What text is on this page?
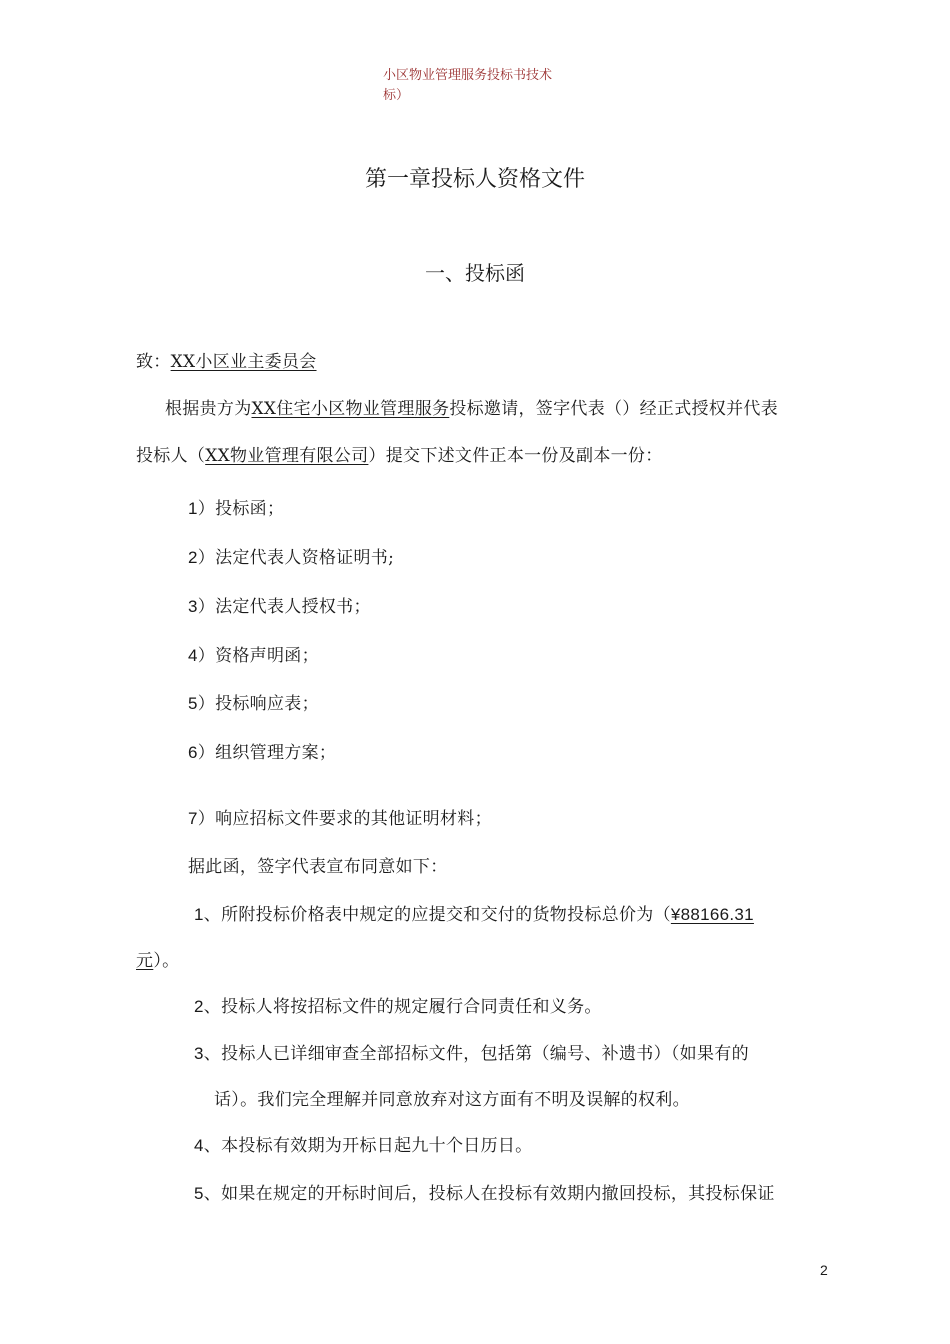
小区物业管理服务投标书技术
标）
第一章投标人资格文件
一、投标函
致：XX小区业主委员会
根据贵方为XX住宅小区物业管理服务投标邀请，签字代表（）经正式授权并代表
投标人（XX物业管理有限公司）提交下述文件正本一份及副本一份：
1）投标函；
2）法定代表人资格证明书;
3）法定代表人授权书；
4）资格声明函；
5）投标响应表；
6）组织管理方案；
7）响应招标文件要求的其他证明材料；
据此函，签字代表宣布同意如下：
1、所附投标价格表中规定的应提交和交付的货物投标总价为（¥88166.31
元）。
2、投标人将按招标文件的规定履行合同责任和义务。
3、投标人已详细审查全部招标文件，包括第（编号、补遗书）（如果有的
话）。我们完全理解并同意放弃对这方面有不明及误解的权利。
4、本投标有效期为开标日起九十个日历日。
5、如果在规定的开标时间后，投标人在投标有效期内撤回投标，其投标保证
2
